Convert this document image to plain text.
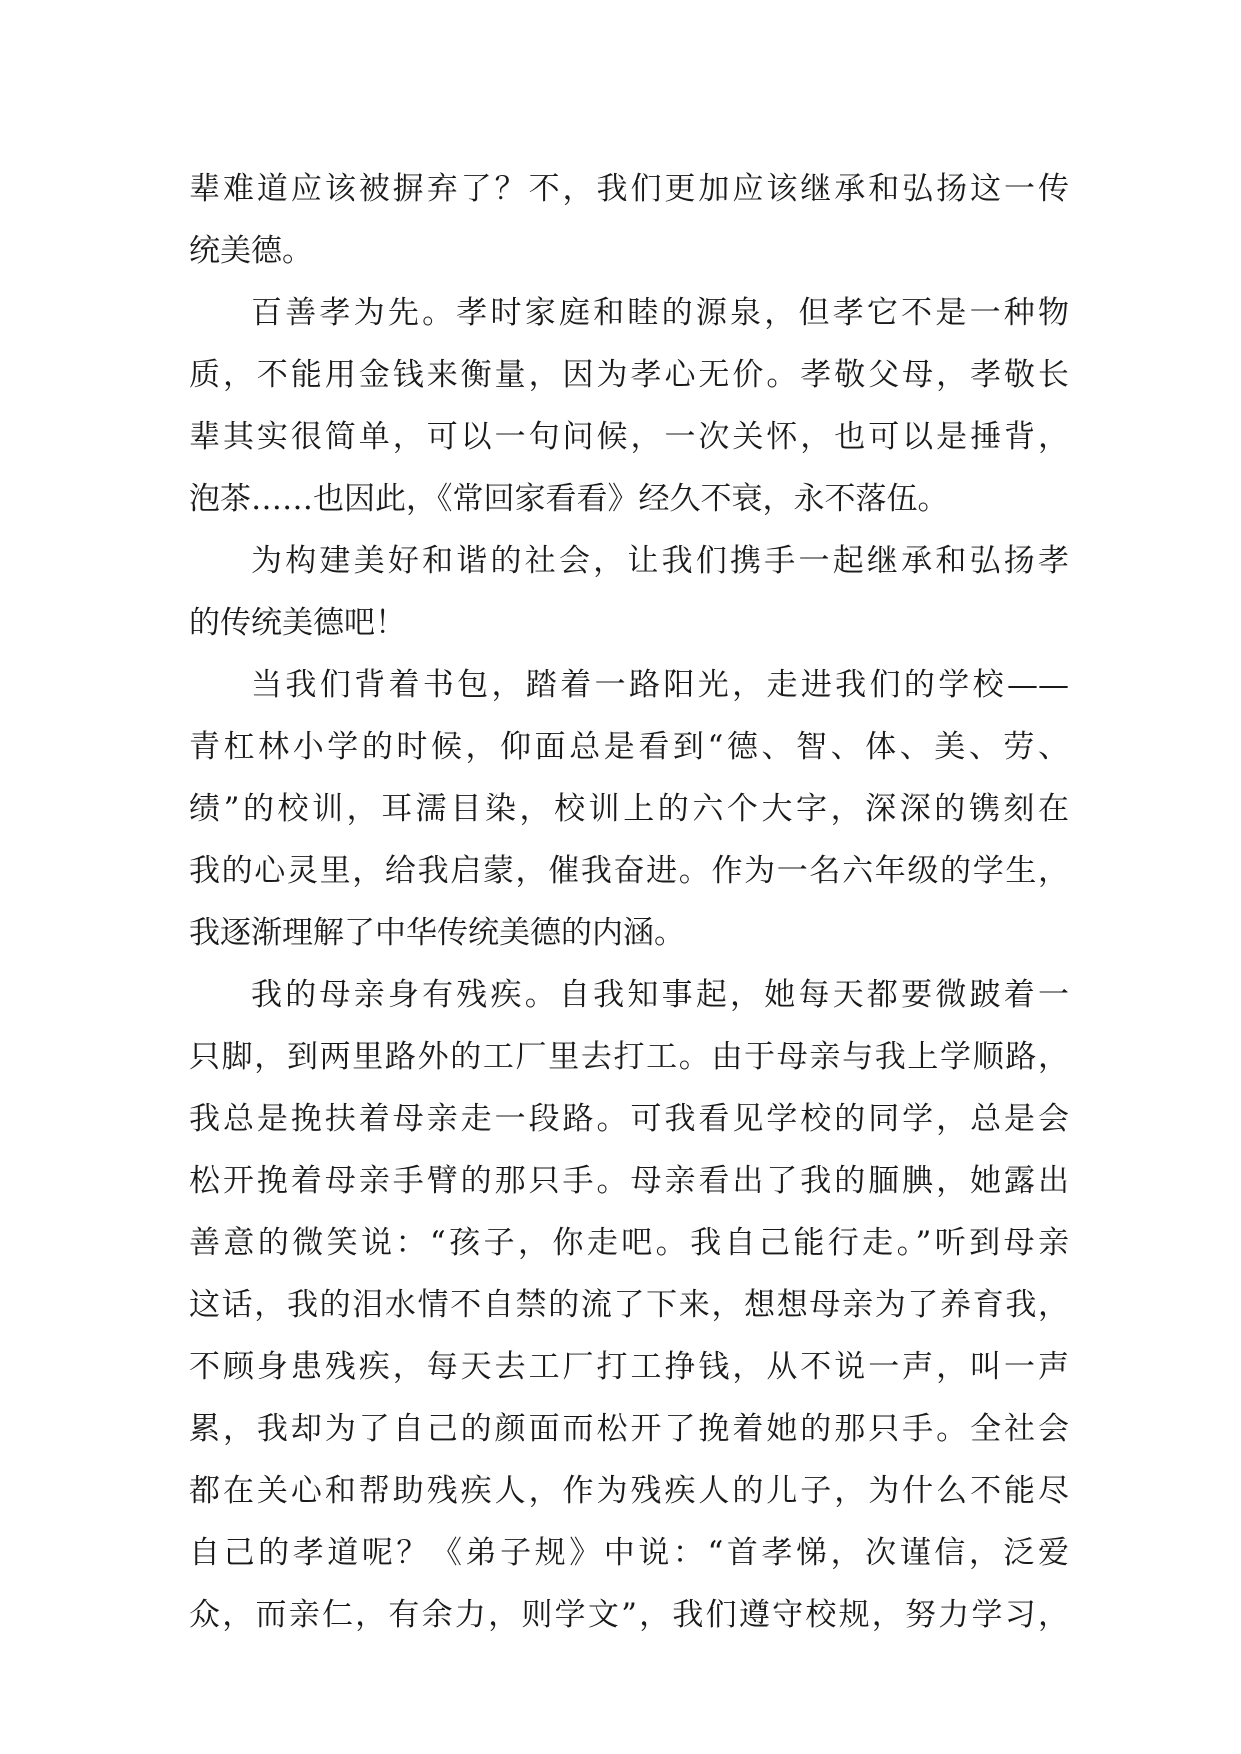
辈难道应该被摒弃了？不，我们更加应该继承和弘扬这一传
统美德。
百善孝为先。孝时家庭和睦的源泉，但孝它不是一种物
质，不能用金钱来衡量，因为孝心无价。孝敬父母，孝敬长
辈其实很简单，可以一句问候，一次关怀，也可以是捶背，
泡茶……也因此，《常回家看看》经久不衰，永不落伍。
为构建美好和谐的社会，让我们携手一起继承和弘扬孝
的传统美德吧！
当我们背着书包，踏着一路阳光，走进我们的学校——
青杠林小学的时候，仰面总是看到“德、智、体、美、劳、
绩”的校训，耳濡目染，校训上的六个大字，深深的镌刻在
我的心灵里，给我启蒙，催我奋进。作为一名六年级的学生，
我逐渐理解了中华传统美德的内涵。
我的母亲身有残疾。自我知事起，她每天都要微跛着一
只脚，到两里路外的工厂里去打工。由于母亲与我上学顺路，
我总是挽扶着母亲走一段路。可我看见学校的同学，总是会
松开挽着母亲手臂的那只手。母亲看出了我的腼腆，她露出
善意的微笑说：“孩子，你走吧。我自己能行走。”听到母亲
这话，我的泪水情不自禁的流了下来，想想母亲为了养育我，
不顾身患残疾，每天去工厂打工挣钱，从不说一声，叫一声
累，我却为了自己的颜面而松开了挽着她的那只手。全社会
都在关心和帮助残疾人，作为残疾人的儿子，为什么不能尽
自己的孝道呢？《弟子规》中说：“首孝悌，次谨信，泛爱
众，而亲仁，有余力，则学文”，我们遵守校规，努力学习，
